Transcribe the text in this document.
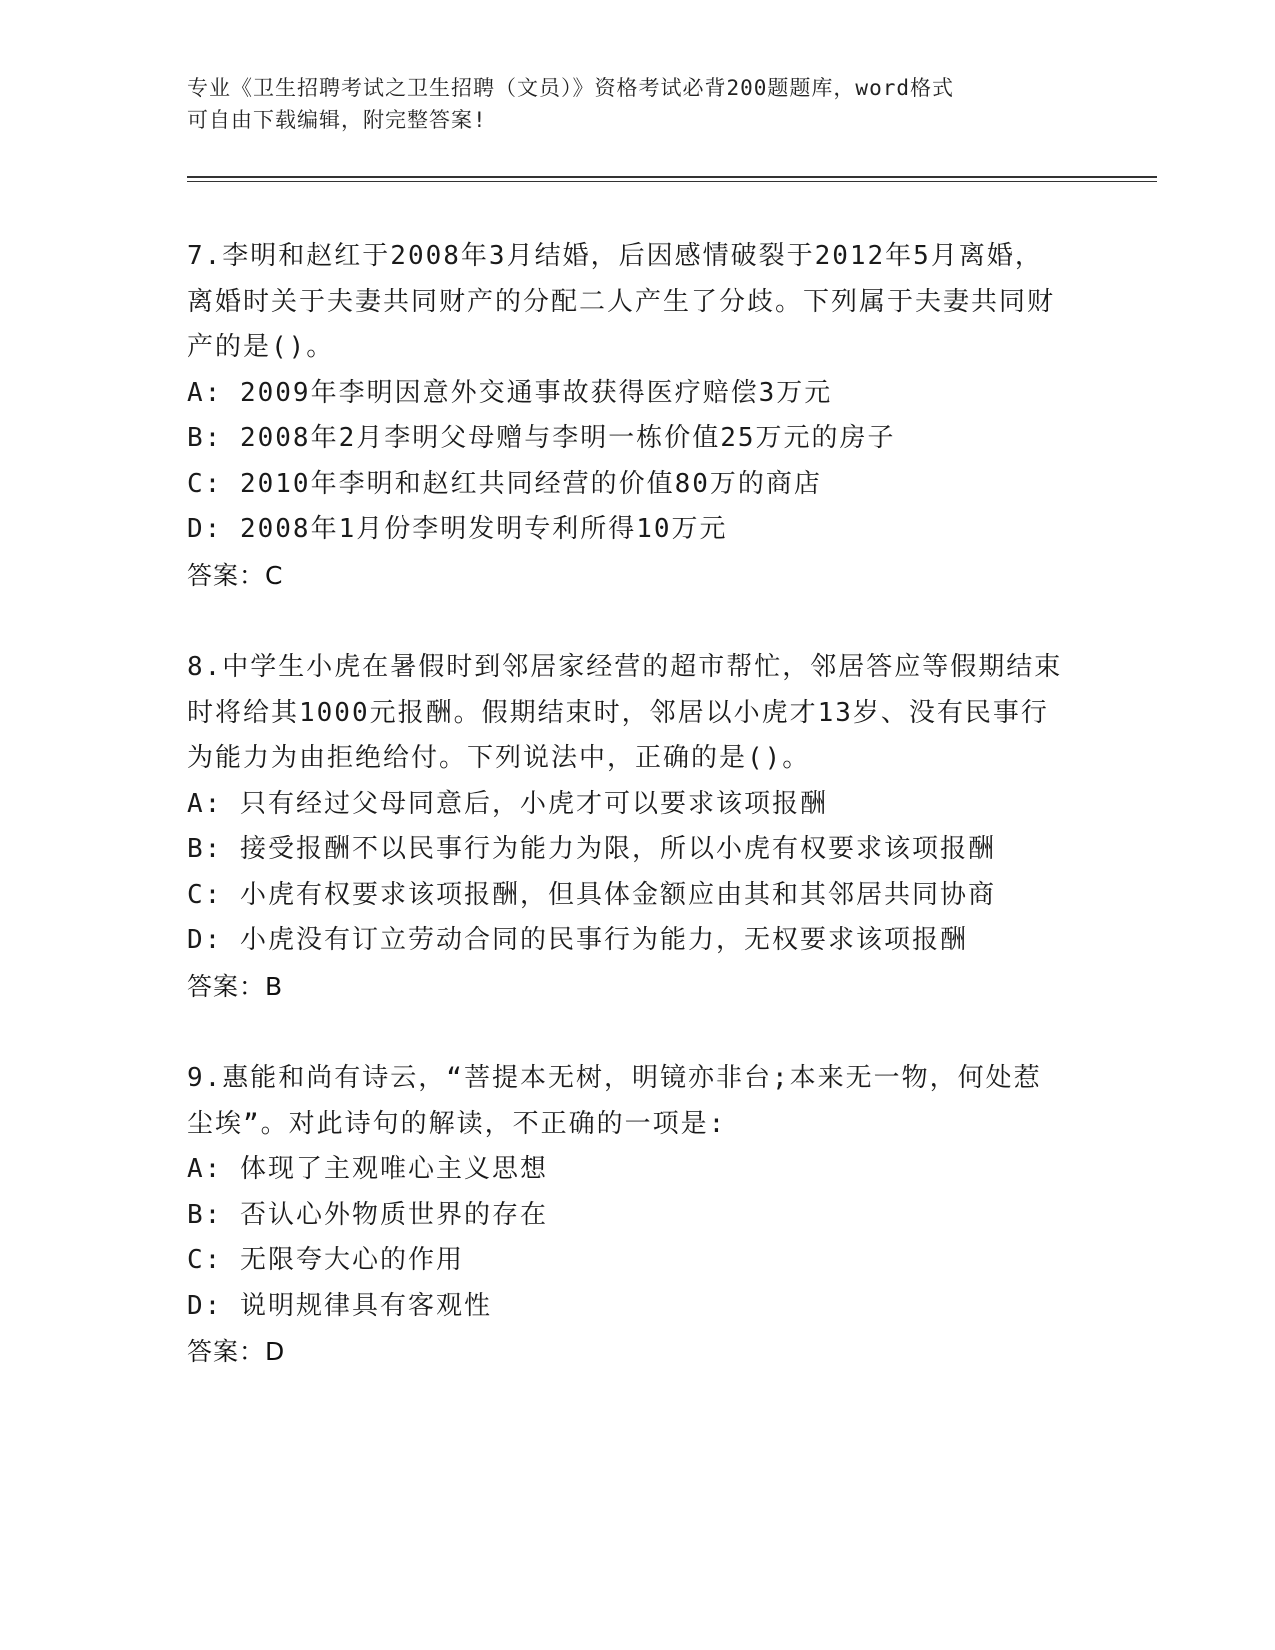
专业《卫生招聘考试之卫生招聘（文员）》资格考试必背200题题库，word格式
可自由下载编辑，附完整答案!
7.李明和赵红于2008年3月结婚，后因感情破裂于2012年5月离婚，离婚时关于夫妻共同财产的分配二人产生了分歧。下列属于夫妻共同财产的是()。
A: 2009年李明因意外交通事故获得医疗赔偿3万元
B: 2008年2月李明父母赠与李明一栋价值25万元的房子
C: 2010年李明和赵红共同经营的价值80万的商店
D: 2008年1月份李明发明专利所得10万元
答案：C
8.中学生小虎在暑假时到邻居家经营的超市帮忙，邻居答应等假期结束时将给其1000元报酬。假期结束时，邻居以小虎才13岁、没有民事行为能力为由拒绝给付。下列说法中，正确的是()。
A: 只有经过父母同意后，小虎才可以要求该项报酬
B: 接受报酬不以民事行为能力为限，所以小虎有权要求该项报酬
C: 小虎有权要求该项报酬，但具体金额应由其和其邻居共同协商
D: 小虎没有订立劳动合同的民事行为能力，无权要求该项报酬
答案：B
9.惠能和尚有诗云，“菩提本无树，明镜亦非台;本来无一物，何处惹尘埃”。对此诗句的解读，不正确的一项是:
A: 体现了主观唯心主义思想
B: 否认心外物质世界的存在
C: 无限夸大心的作用
D: 说明规律具有客观性
答案：D
